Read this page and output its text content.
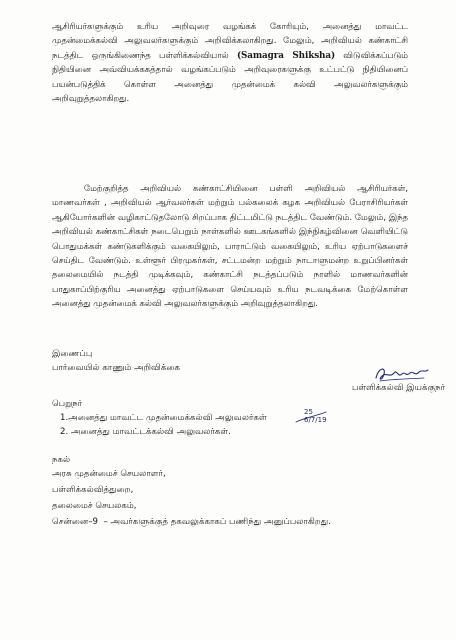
ஆசிரியர்களுக்கும் உரிய அறிவுரை வழங்கக் கோரியும், அனைத்து மாவட்ட முதன்மைக்கல்வி அலுவலர்களுக்கும் அறிவிக்கலாகிறது. மேலும், அறிவியல் கண்காட்சி நடத்திட ஒருங்கிணைந்த பள்ளிக்கல்வியால் (Samagra Shiksha) விடுவிக்கப்படும் நிதியினை அவ்வியக்ககத்தால் வழங்கப்படும் அறிவுரைகளுக்கு உட்பட்டு நிதியினைப் பயன்படுத்திக் கொள்ள அனைத்து முதன்மைக் கல்வி அலுவலர்களுக்கும் அறிவுறுத்தலாகிறது.
மேற்குறித்த அறிவியல் கண்காட்சியினை பள்ளி அறிவியல் ஆசிரியர்கள், மாணவர்கள் , அறிவியல் ஆர்வலர்கள் மற்றும் பல்கலைக் கழக அறிவியல் பேராசிரியர்கள் ஆகியோர்களின் வழிகாட்டுதலோடு சிறப்பாக திட்டமிட்டு நடத்திட வேண்டும். மேலும், இந்த அறிவியல் கண்காட்சிகள் நடைபெறும் நாள்களில் ஊடகங்களில் இந்நிகழ்வினை வெளியிட்டு பொதுமக்கள் கண்டுகளிக்கும் வகையிலும், பாராட்டும் வகையிலும், உரிய ஏற்பாடுகளைச் செய்திட வேண்டும். உள்ளூர் பிரமுகர்கள், சட்டமன்ற மற்றும் நாடாளுமன்ற உறுப்பினர்கள் தலைமையில் நடத்தி முடிக்கவும், கண்காட்சி நடத்தப்படும் நாளில் மாணவர்களின் பாதுகாப்பிற்குரிய அனைத்து ஏற்பாடுகளை செய்யவும் உரிய நடவடிக்கை மேற்கொள்ள அனைத்து முதன்மைக் கல்வி அலுவலர்களுக்கும் அறிவுறுத்தலாகிறது.
இணைப்பு
பார்வையில் காணும் அறிவிக்கை
பள்ளிக்கல்வி இயக்குநர்
பெறுநர்
1.அனைத்து மாவட்ட முதன்மைக்கல்வி அலுவலர்கள்
2. அனைத்து மாவட்டக்கல்வி அலுவலர்கள்.
25
6/7/19
நகல்
அரசு முதன்மைச் செயலாளர்,
பள்ளிக்கல்வித்துறை,
தலைமைச் செயலகம்,
சென்னை–9 – அவர்களுக்குத் தகவலுக்காகப் பணிந்து அனுப்பலாகிறது.
